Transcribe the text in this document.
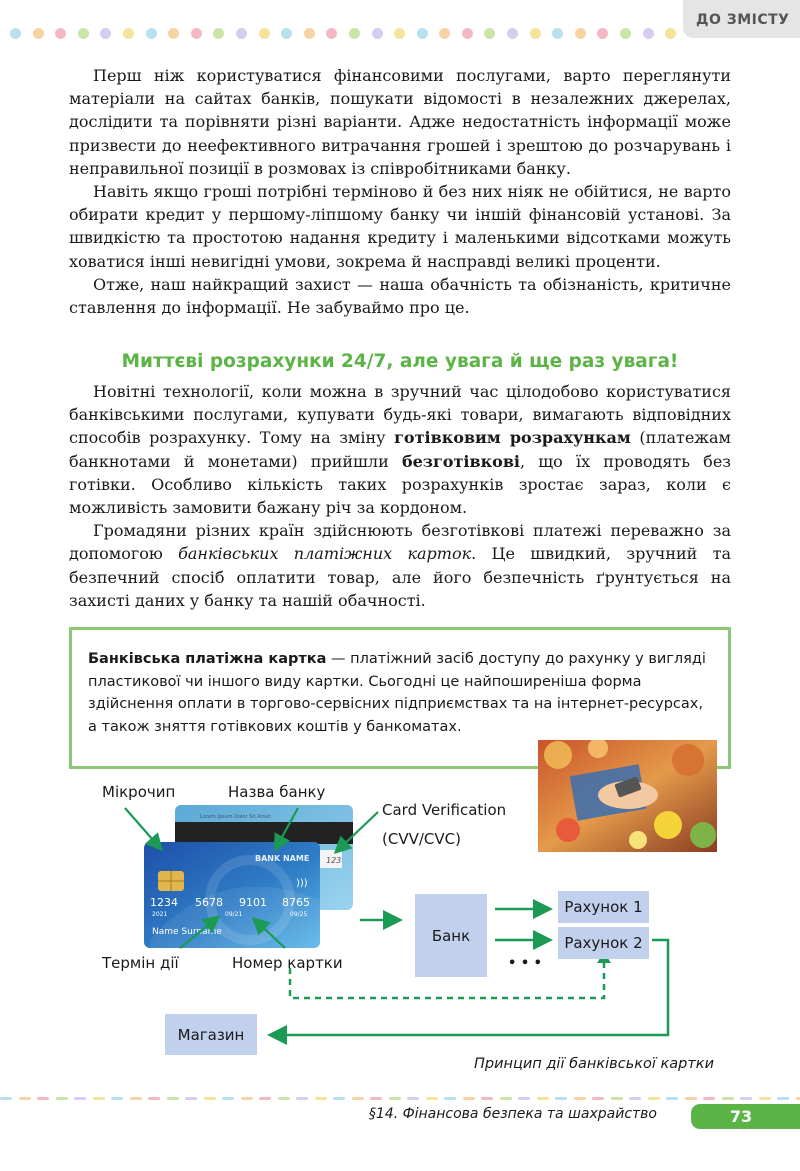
ДО ЗМІСТУ

Перш ніж користуватися фінансовими послугами, варто переглянути матеріали на сайтах банків, пошукати відомості в незалежних джерелах, дослідити та порівняти різні варіанти. Адже недостатність інформації може призвести до неефективного витрачання грошей і зрештою до розчарувань і неправильної позиції в розмовах із співробітниками банку.

Навіть якщо гроші потрібні терміново й без них ніяк не обійтися, не варто обирати кредит у першому-ліпшому банку чи іншій фінансовій установі. За швидкістю та простотою надання кредиту і маленькими відсотками можуть ховатися інші невигідні умови, зокрема й насправді великі проценти.

Отже, наш найкращий захист — наша обачність та обізнаність, критичне ставлення до інформації. Не забуваймо про це.

Миттєві розрахунки 24/7, але увага й ще раз увага!

Новітні технології, коли можна в зручний час цілодобово користуватися банківськими послугами, купувати будь-які товари, вимагають відповідних способів розрахунку. Тому на зміну готівковим розрахункам (платежам банкнотами й монетами) прийшли безготівкові, що їх проводять без готівки. Особливо кількість таких розрахунків зростає зараз, коли є можливість замовити бажану річ за кордоном.

Громадяни різних країн здійснюють безготівкові платежі переважно за допомогою банківських платіжних карток. Це швидкий, зручний та безпечний спосіб оплатити товар, але його безпечність ґрунтується на захисті даних у банку та нашій обачності.

Банківська платіжна картка — платіжний засіб доступу до рахунку у вигляді пластикової чи іншого виду картки. Сьогодні це найпоширеніша форма здійснення оплати в торгово-сервісних підприємствах та на інтернет-ресурсах, а також зняття готівкових коштів у банкоматах.

Lorem Ipsum Dolor Sit Amet
123
BANK NAME
)))
1234 5678 9101 8765
2021	09/21	09/25
Name Surname
Мікрочип	Назва банку
Card Verification
(CVV/CVC)
Термін дії	Номер картки
Банк
Рахунок 1
Рахунок 2
• • •
Магазин
Принцип дії банківської картки
§14. Фінансова безпека та шахрайство	73
